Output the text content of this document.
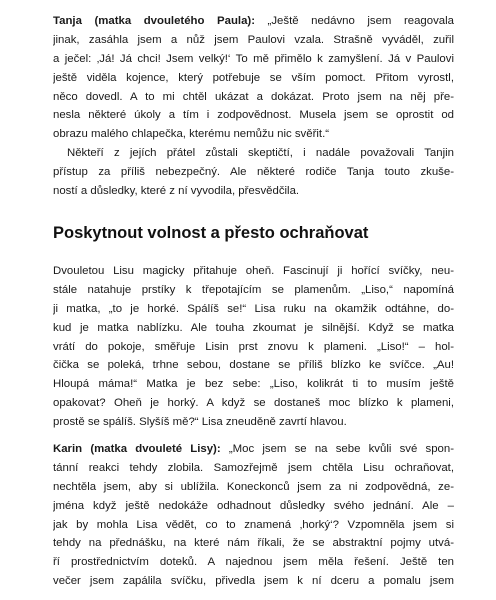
Tanja (matka dvouletého Paula): „Ještě nedávno jsem reagovala
jinak, zasáhla jsem a nůž jsem Paulovi vzala. Strašně vyváděl, zuřil
a ječel: ‚Já! Já chci! Jsem velký!‘ To mě přimělo k zamyšlení. Já v Paulovi
ještě viděla kojence, který potřebuje se vším pomoct. Přitom vyrostl,
něco dovedl. A to mi chtěl ukázat a dokázat. Proto jsem na něj pře-
nesla některé úkoly a tím i zodpovědnost. Musela jsem se oprostit od
obrazu malého chlapečka, kterému nemůžu nic svěřit.“
Někteří z jejích přátel zůstali skeptičtí, i nadále považovali Tanjin
přístup za příliš nebezpečný. Ale některé rodiče Tanja touto zkuše-
ností a důsledky, které z ní vyvodila, přesvědčila.
Poskytnout volnost a přesto ochraňovat
Dvouletou Lisu magicky přitahuje oheň. Fascinují ji hořící svíčky, neu-
stále natahuje prstíky k třepotajícím se plamenům. „Liso,“ napomíná
ji matka, „to je horké. Spálíš se!“ Lisa ruku na okamžik odtáhne, do-
kud je matka nablízku. Ale touha zkoumat je silnější. Když se matka
vrátí do pokoje, směřuje Lisin prst znovu k plameni. „Liso!“ – hol-
čička se poleká, trhne sebou, dostane se příliš blízko ke svíčce. „Au!
Hloupá máma!“ Matka je bez sebe: „Liso, kolikrát ti to musím ještě
opakovat? Oheň je horký. A když se dostaneš moc blízko k plameni,
prostě se spálíš. Slyšíš mě?“ Lisa zneuděně zavrtí hlavou.
Karin (matka dvouleté Lisy): „Moc jsem se na sebe kvůli své spon-
tánní reakci tehdy zlobila. Samozřejmě jsem chtěla Lisu ochraňovat,
nechtěla jsem, aby si ublížila. Koneckonců jsem za ni zodpovědná, ze-
jména když ještě nedokáže odhadnout důsledky svého jednání. Ale –
jak by mohla Lisa vědět, co to znamená ‚horký‘? Vzpomněla jsem si
tehdy na přednášku, na které nám říkali, že se abstraktní pojmy utvá-
ří prostřednictvím doteků. A najednou jsem měla řešení. Ještě ten
večer jsem zapálila svíčku, přivedla jsem k ní dceru a pomalu jsem
